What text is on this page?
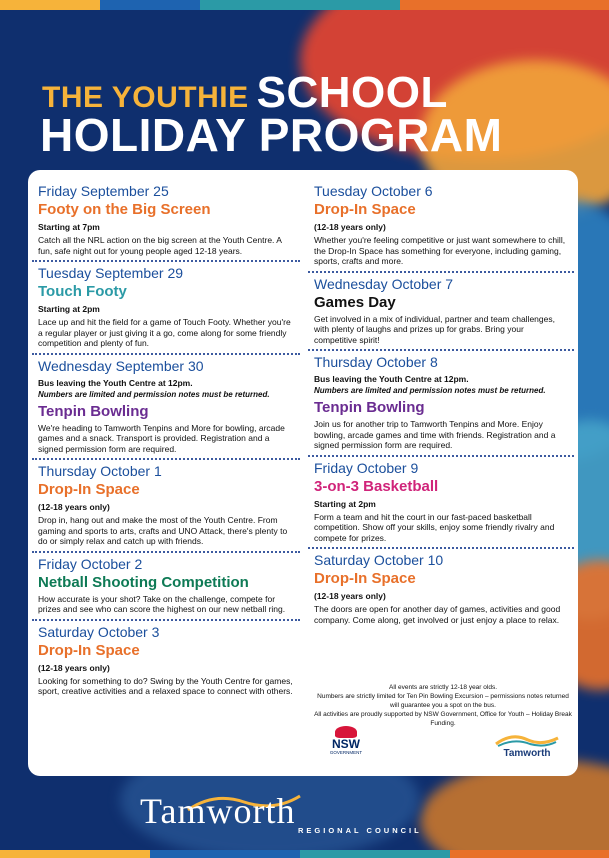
THE YOUTHIE SCHOOL
HOLIDAY PROGRAM

Friday September 25

Footy on the Big Screen

Starting at 7pm

Catch all the NRL action on the big screen at the Youth Centre. A fun, safe night out for young people aged 12-18 years.

Tuesday September 29

Touch Footy

Starting at 2pm

Lace up and hit the field for a game of Touch Footy. Whether you're a regular player or just giving it a go, come along for some friendly competition and plenty of fun.

Wednesday September 30

Bus leaving the Youth Centre at 12pm.

Numbers are limited and permission notes must be returned.

Tenpin Bowling

We're heading to Tamworth Tenpins and More for bowling, arcade games and a snack. Transport is provided. Registration and a signed permission form are required.

Thursday October 1

Drop-In Space

(12-18 years only)

Drop in, hang out and make the most of the Youth Centre. From gaming and sports to arts, crafts and UNO Attack, there's plenty to do or simply relax and catch up with friends.

Friday October 2

Netball Shooting Competition

How accurate is your shot? Take on the challenge, compete for prizes and see who can score the highest on our new netball ring.

Saturday October 3

Drop-In Space

(12-18 years only)

Looking for something to do? Swing by the Youth Centre for games, sport, creative activities and a relaxed space to connect with others.

Tuesday October 6

Drop-In Space

(12-18 years only)

Whether you're feeling competitive or just want somewhere to chill, the Drop-In Space has something for everyone, including gaming, sports, crafts and more.

Wednesday October 7

Games Day

Get involved in a mix of individual, partner and team challenges, with plenty of laughs and prizes up for grabs. Bring your competitive spirit!

Thursday October 8

Bus leaving the Youth Centre at 12pm.

Numbers are limited and permission notes must be returned.

Tenpin Bowling

Join us for another trip to Tamworth Tenpins and More. Enjoy bowling, arcade games and time with friends. Registration and a signed permission form are required.

Friday October 9

3-on-3 Basketball

Starting at 2pm

Form a team and hit the court in our fast-paced basketball competition. Show off your skills, enjoy some friendly rivalry and compete for prizes.

Saturday October 10

Drop-In Space

(12-18 years only)

The doors are open for another day of games, activities and good company. Come along, get involved or just enjoy a place to relax.

All events are strictly 12-18 year olds.
Numbers are strictly limited for Ten Pin Bowling Excursion – permissions notes returned will guarantee you a spot on the bus.
All activities are proudly supported by NSW Government, Office for Youth – Holiday Break Funding.
NSW
GOVERNMENT	Tamworth
Tamworth REGIONAL COUNCIL
